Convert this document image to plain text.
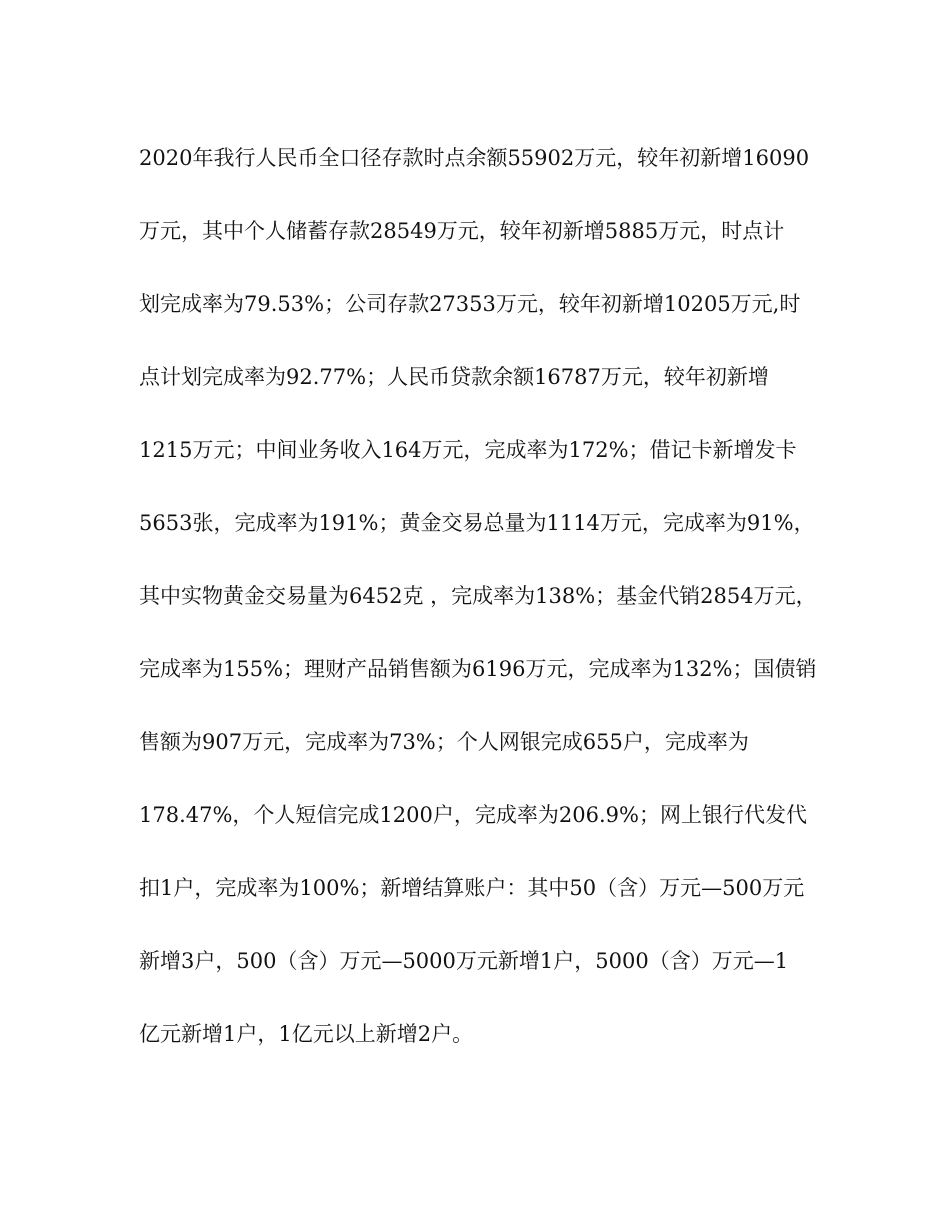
2020年我行人民币全口径存款时点余额55902万元，较年初新增16090
万元，其中个人储蓄存款28549万元，较年初新增5885万元，时点计
划完成率为79.53%；公司存款27353万元，较年初新增10205万元,时
点计划完成率为92.77%；人民币贷款余额16787万元，较年初新增
1215万元；中间业务收入164万元，完成率为172%；借记卡新增发卡
5653张，完成率为191%；黄金交易总量为1114万元，完成率为91%，
其中实物黄金交易量为6452克 ，完成率为138%；基金代销2854万元，
完成率为155%；理财产品销售额为6196万元，完成率为132%；国债销
售额为907万元，完成率为73%；个人网银完成655户，完成率为
178.47%，个人短信完成1200户，完成率为206.9%；网上银行代发代
扣1户，完成率为100%；新增结算账户：其中50（含）万元—500万元
新增3户，500（含）万元—5000万元新增1户，5000（含）万元—1
亿元新增1户，1亿元以上新增2户。
